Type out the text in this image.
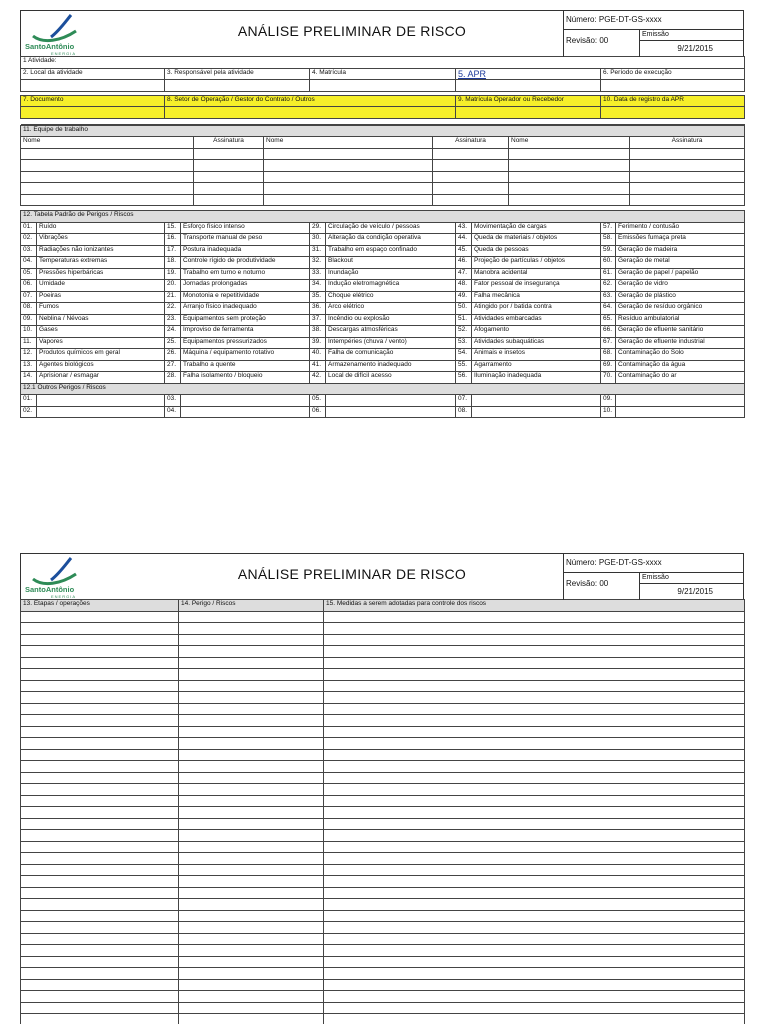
SantoAntônio
ENERGIA
ANÁLISE PRELIMINAR DE RISCO
Número: PGE-DT-GS-xxxx
Revisão: 00
Emissão
9/21/2015
1 Atividade:				
2. Local da atividade	3. Responsável pela atividade	4. Matrícula	5. APR	6. Período de execução

7. Documento	8. Setor de Operação / Gestor do Contrato / Outros		9. Matrícula Operador ou Recebedor	10. Data de registro da APR

11. Equipe de trabalho					
Nome	Assinatura	Nome	Assinatura	Nome	Assinatura

12. Tabela Padrão de Perigos / Riscos									
01.	Ruído	15.	Esforço físico intenso	29.	Circulação de veículo / pessoas	43.	Movimentação de cargas	57.	Ferimento / contusão
02.	Vibrações	16.	Transporte manual de peso	30.	Alteração da condição operativa	44.	Queda de materiais / objetos	58.	Emissões fumaça preta
03.	Radiações não ionizantes	17.	Postura inadequada	31.	Trabalho em espaço confinado	45.	Queda de pessoas	59.	Geração de madeira
04.	Temperaturas extremas	18.	Controle rígido de produtividade	32.	Blackout	46.	Projeção de partículas / objetos	60.	Geração de metal
05.	Pressões hiperbáricas	19.	Trabalho em turno e noturno	33.	Inundação	47.	Manobra acidental	61.	Geração de papel / papelão
06.	Umidade	20.	Jornadas prolongadas	34.	Indução eletromagnética	48.	Fator pessoal de insegurança	62.	Geração de vidro
07.	Poeiras	21.	Monotonia e repetitividade	35.	Choque elétrico	49.	Falha mecânica	63.	Geração de plástico
08.	Fumos	22.	Arranjo físico inadequado	36.	Arco elétrico	50.	Atingido por / batida contra	64.	Geração de resíduo orgânico
09.	Neblina / Névoas	23.	Equipamentos sem proteção	37.	Incêndio ou explosão	51.	Atividades embarcadas	65.	Resíduo ambulatorial
10.	Gases	24.	Improviso de ferramenta	38.	Descargas atmosféricas	52.	Afogamento	66.	Geração de efluente sanitário
11.	Vapores	25.	Equipamentos pressurizados	39.	Intempéries (chuva / vento)	53.	Atividades subaquáticas	67.	Geração de efluente industrial
12.	Produtos químicos em geral	26.	Máquina / equipamento rotativo	40.	Falha de comunicação	54.	Animais e insetos	68.	Contaminação do Solo
13.	Agentes biológicos	27.	Trabalho a quente	41.	Armazenamento inadequado	55.	Agarramento	69.	Contaminação da água
14.	Aprisionar / esmagar	28.	Falha isolamento / bloqueio	42.	Local de difícil acesso	56.	Iluminação inadequada	70.	Contaminação do ar
12.1 Outros Perigos / Riscos									
01.		03.		05.		07.		09.	
02.		04.		06.		08.		10.	
SantoAntônio
ENERGIA
ANÁLISE PRELIMINAR DE RISCO
Número: PGE-DT-GS-xxxx
Revisão: 00
Emissão
9/21/2015
13. Etapas / operações	14. Perigo / Riscos	15. Medidas a serem adotadas para controle dos riscos
